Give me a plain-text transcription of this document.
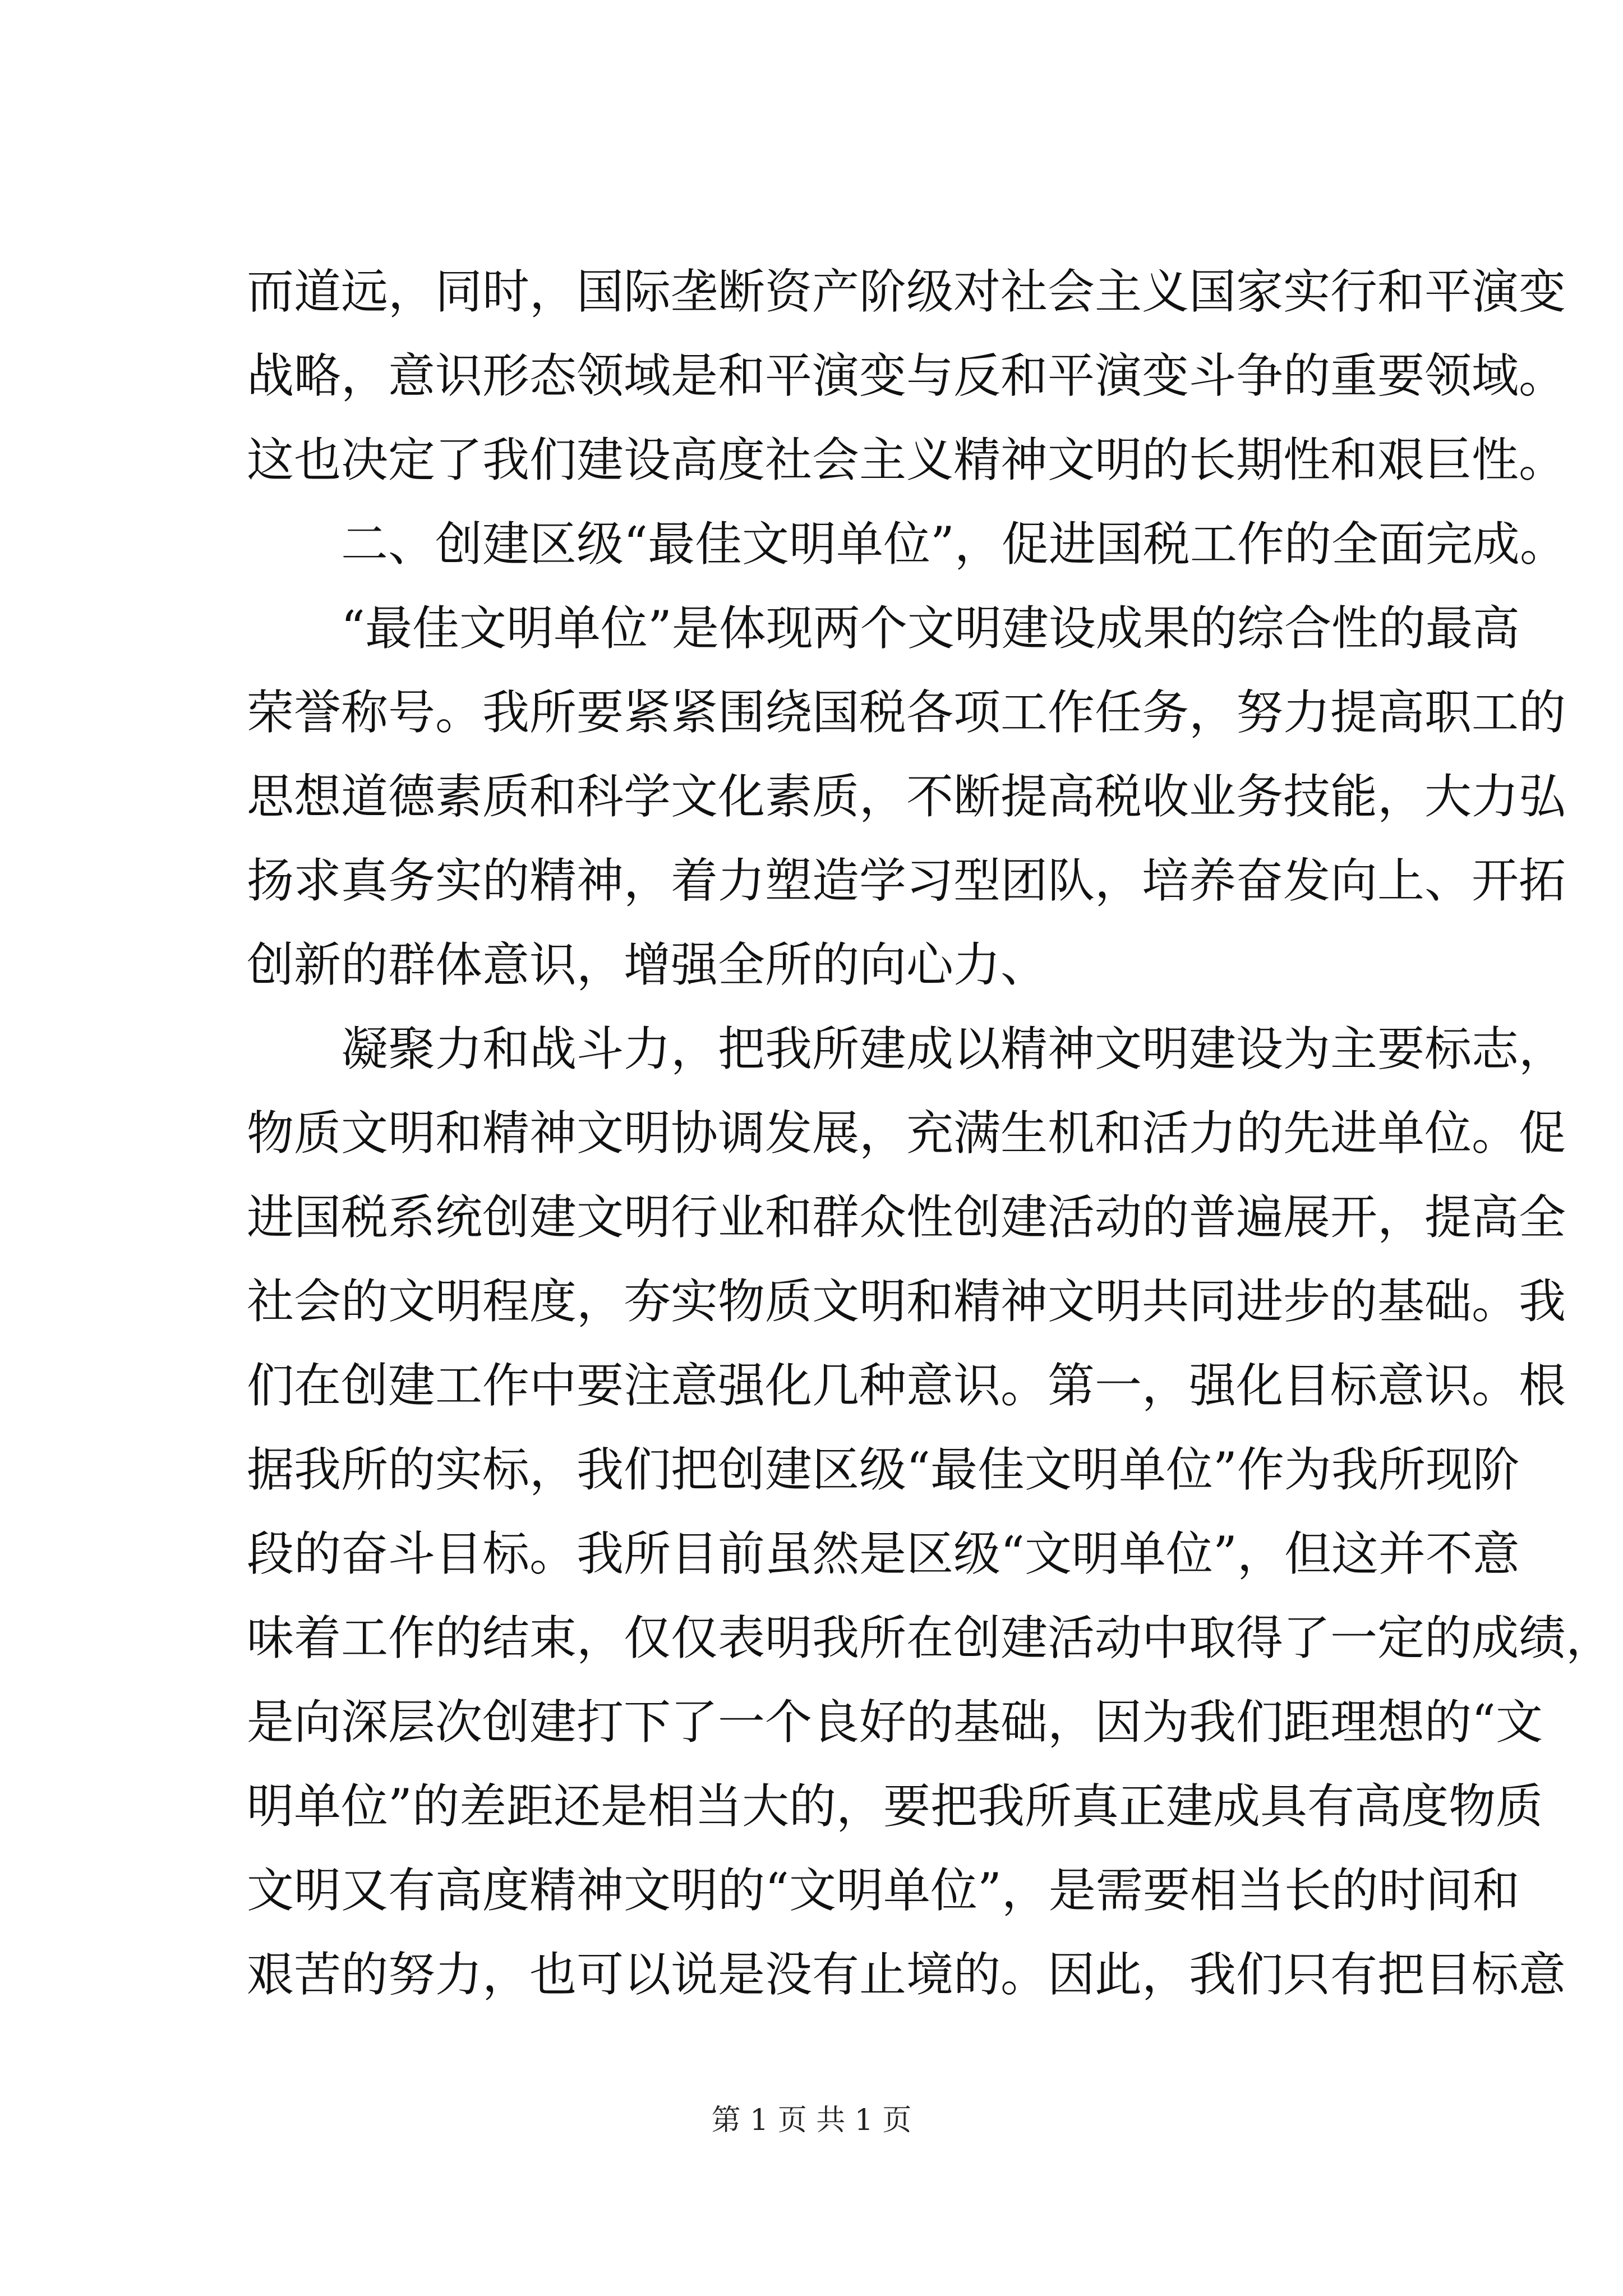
而道远，同时，国际垄断资产阶级对社会主义国家实行和平演变
战略，意识形态领域是和平演变与反和平演变斗争的重要领域。
这也决定了我们建设高度社会主义精神文明的长期性和艰巨性。
二、创建区级“最佳文明单位”，促进国税工作的全面完成。
“最佳文明单位”是体现两个文明建设成果的综合性的最高
荣誉称号。我所要紧紧围绕国税各项工作任务，努力提高职工的
思想道德素质和科学文化素质，不断提高税收业务技能，大力弘
扬求真务实的精神，着力塑造学习型团队，培养奋发向上、开拓
创新的群体意识，增强全所的向心力、
凝聚力和战斗力，把我所建成以精神文明建设为主要标志，
物质文明和精神文明协调发展，充满生机和活力的先进单位。促
进国税系统创建文明行业和群众性创建活动的普遍展开，提高全
社会的文明程度，夯实物质文明和精神文明共同进步的基础。我
们在创建工作中要注意强化几种意识。第一，强化目标意识。根
据我所的实标，我们把创建区级“最佳文明单位”作为我所现阶
段的奋斗目标。我所目前虽然是区级“文明单位”，但这并不意
味着工作的结束，仅仅表明我所在创建活动中取得了一定的成绩，
是向深层次创建打下了一个良好的基础，因为我们距理想的“文
明单位”的差距还是相当大的，要把我所真正建成具有高度物质
文明又有高度精神文明的“文明单位”，是需要相当长的时间和
艰苦的努力，也可以说是没有止境的。因此，我们只有把目标意
第 1 页 共 1 页
